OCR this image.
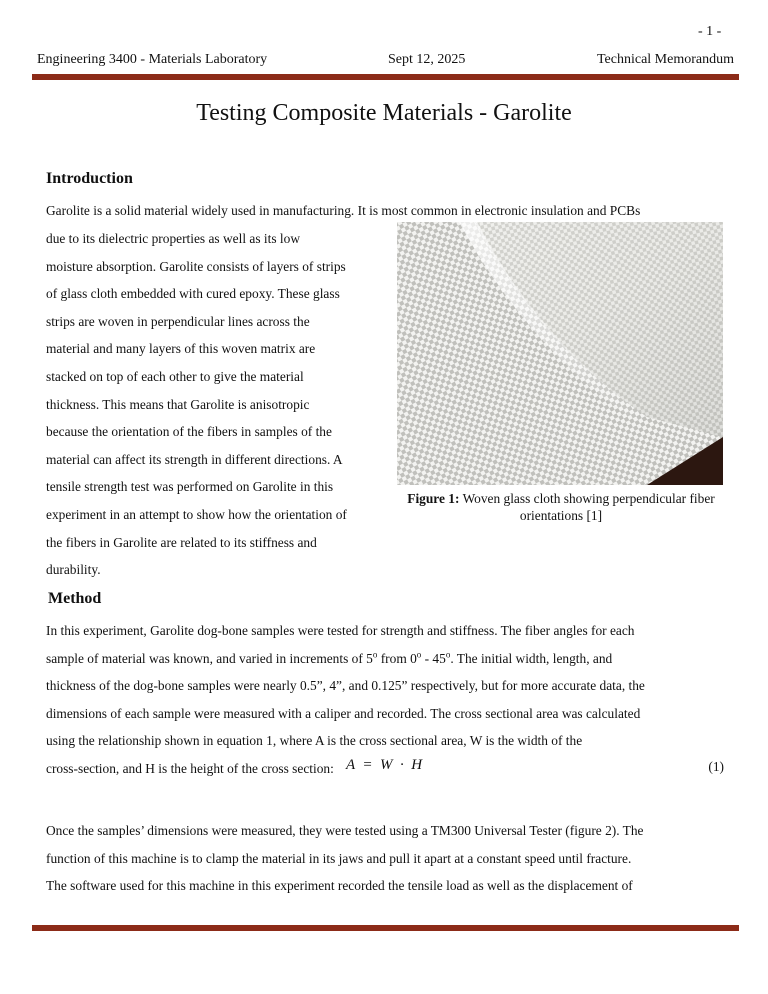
- 1 -
Engineering 3400 - Materials Laboratory	Sept 12, 2025	Technical Memorandum
Testing Composite Materials - Garolite
Introduction
Garolite is a solid material widely used in manufacturing. It is most common in electronic insulation and PCBs
due to its dielectric properties as well as its low
moisture absorption. Garolite consists of layers of strips
of glass cloth embedded with cured epoxy. These glass
strips are woven in perpendicular lines across the
material and many layers of this woven matrix are
stacked on top of each other to give the material
thickness. This means that Garolite is anisotropic
because the orientation of the fibers in samples of the
material can affect its strength in different directions. A
tensile strength test was performed on Garolite in this
experiment in an attempt to show how the orientation of
the fibers in Garolite are related to its stiffness and
durability.
Figure 1: Woven glass cloth showing perpendicular fiber orientations [1]
Method
In this experiment, Garolite dog-bone samples were tested for strength and stiffness. The fiber angles for each
sample of material was known, and varied in increments of 5$^o$ from 0$^o$ - 45$^o$. The initial width, length, and
thickness of the dog-bone samples were nearly 0.5”, 4”, and 0.125” respectively, but for more accurate data, the
dimensions of each sample were measured with a caliper and recorded. The cross sectional area was calculated
using the relationship shown in equation 1, where A is the cross sectional area, W is the width of the
cross-section, and H is the height of the cross section: A  =  W  ·  H	(1)
Once the samples’ dimensions were measured, they were tested using a TM300 Universal Tester (figure 2). The
function of this machine is to clamp the material in its jaws and pull it apart at a constant speed until fracture.
The software used for this machine in this experiment recorded the tensile load as well as the displacement of
